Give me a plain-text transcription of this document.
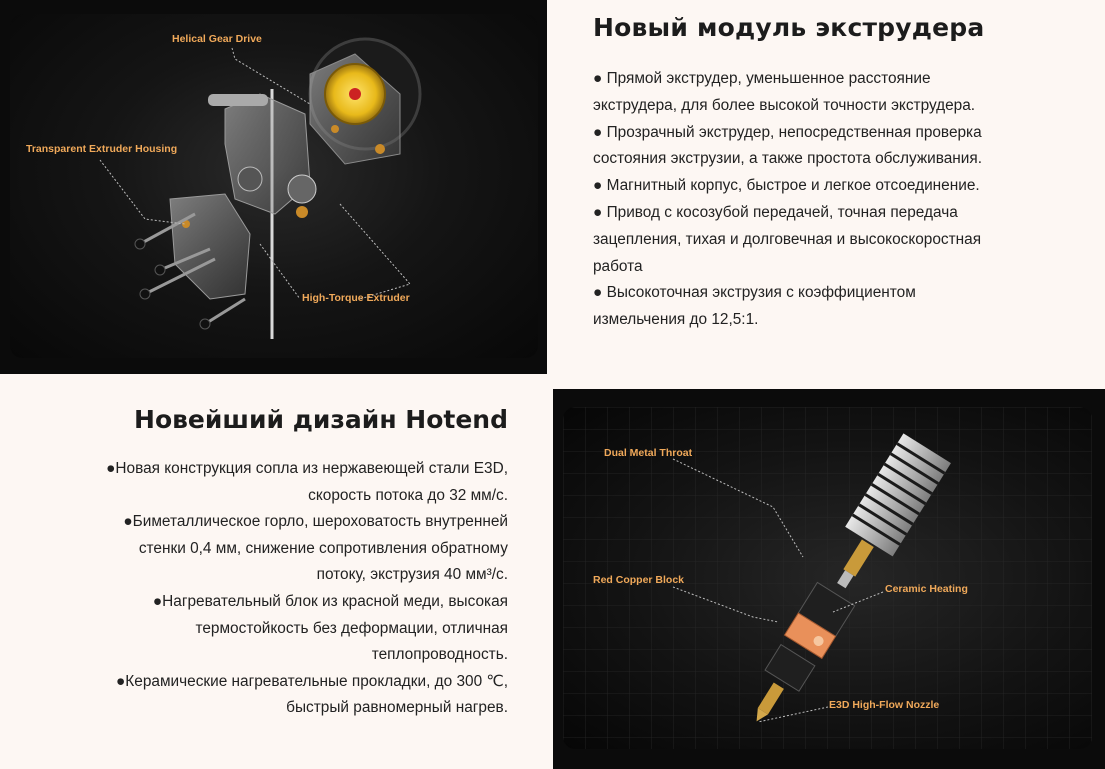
Helical Gear Drive
Transparent Extruder Housing
High-Torque Extruder
Новый модуль экструдера
● Прямой экструдер, уменьшенное расстояние
экструдера, для более высокой точности экструдера.
● Прозрачный экструдер, непосредственная проверка
состояния экструзии, а также простота обслуживания.
● Магнитный корпус, быстрое и легкое отсоединение.
● Привод с косозубой передачей, точная передача
зацепления, тихая и долговечная и высокоскоростная
работа
● Высокоточная экструзия с коэффициентом
измельчения до 12,5:1.
Новейший дизайн Hotend
●Новая конструкция сопла из нержавеющей стали E3D,
скорость потока до 32 мм/с.
●Биметаллическое горло, шероховатость внутренней
стенки 0,4 мм, снижение сопротивления обратному
потоку, экструзия 40 мм³/с.
●Нагревательный блок из красной меди, высокая
термостойкость без деформации, отличная
теплопроводность.
●Керамические нагревательные прокладки, до 300 ℃,
быстрый равномерный нагрев.
Dual Metal Throat
Red Copper Block
Ceramic Heating
E3D High-Flow Nozzle
